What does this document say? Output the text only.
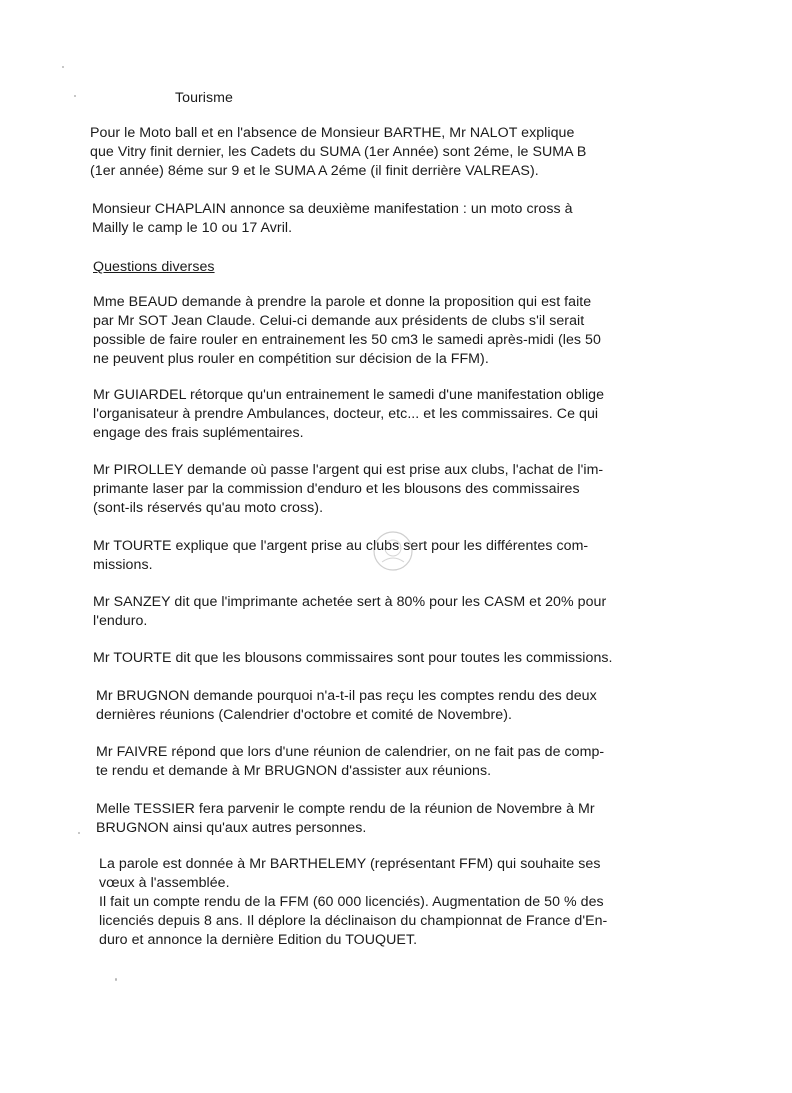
Tourisme
Pour le Moto ball et en l'absence de Monsieur BARTHE, Mr NALOT explique
que Vitry finit dernier, les Cadets du SUMA (1er Année) sont 2éme, le SUMA B
(1er année) 8éme sur 9 et le SUMA A 2éme (il finit derrière VALREAS).
Monsieur CHAPLAIN annonce sa deuxième manifestation : un moto cross à
Mailly le camp le 10 ou 17 Avril.
Questions diverses
Mme BEAUD demande à prendre la parole et donne la proposition qui est faite
par Mr SOT Jean Claude. Celui-ci demande aux présidents de clubs s'il serait
possible de faire rouler en entrainement les 50 cm3 le samedi après-midi (les 50
ne peuvent plus rouler en compétition sur décision de la FFM).
Mr GUIARDEL rétorque qu'un entrainement le samedi d'une manifestation oblige
l'organisateur à prendre Ambulances, docteur, etc... et les commissaires. Ce qui
engage des frais suplémentaires.
Mr PIROLLEY demande où passe l'argent qui est prise aux clubs, l'achat de l'im-
primante laser par la commission d'enduro et les blousons des commissaires
(sont-ils réservés qu'au moto cross).
Mr TOURTE explique que l'argent prise au clubs sert pour les différentes com-
missions.
Mr SANZEY dit que l'imprimante achetée sert à 80% pour les CASM et 20% pour
l'enduro.
Mr TOURTE dit que les blousons commissaires sont pour toutes les commissions.
Mr BRUGNON demande pourquoi n'a-t-il pas reçu les comptes rendu des deux
dernières réunions (Calendrier d'octobre et comité de Novembre).
Mr FAIVRE répond que lors d'une réunion de calendrier, on ne fait pas de comp-
te rendu et demande à Mr BRUGNON d'assister aux réunions.
Melle TESSIER fera parvenir le compte rendu de la réunion de Novembre à Mr
BRUGNON ainsi qu'aux autres personnes.
La parole est donnée à Mr BARTHELEMY (représentant FFM) qui souhaite ses
vœux à l'assemblée.
Il fait un compte rendu de la FFM (60 000 licenciés). Augmentation de 50 % des
licenciés depuis 8 ans. Il déplore la déclinaison du championnat de France d'En-
duro et annonce la dernière Edition du TOUQUET.
